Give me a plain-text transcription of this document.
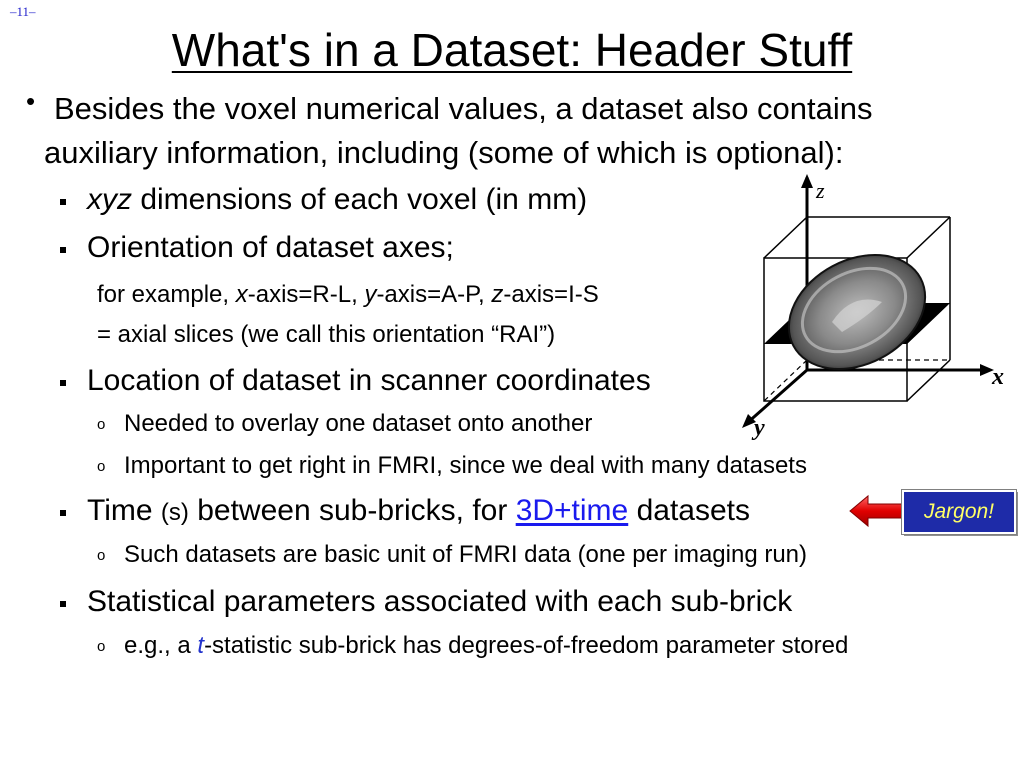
–11–
What's in a Dataset: Header Stuff
• Besides the voxel numerical values, a dataset also contains
auxiliary information, including (some of which is optional):
xyz dimensions of each voxel (in mm)
Orientation of dataset axes;
for example, x-axis=R-L, y-axis=A-P, z-axis=I-S
= axial slices (we call this orientation “RAI”)
Location of dataset in scanner coordinates
o Needed to overlay one dataset onto another
o Important to get right in FMRI, since we deal with many datasets
Time (s) between sub-bricks, for 3D+time datasets
o Such datasets are basic unit of FMRI data (one per imaging run)
Statistical parameters associated with each sub-brick
o e.g., a t-statistic sub-brick has degrees-of-freedom parameter stored
Jargon!
z
x
y
